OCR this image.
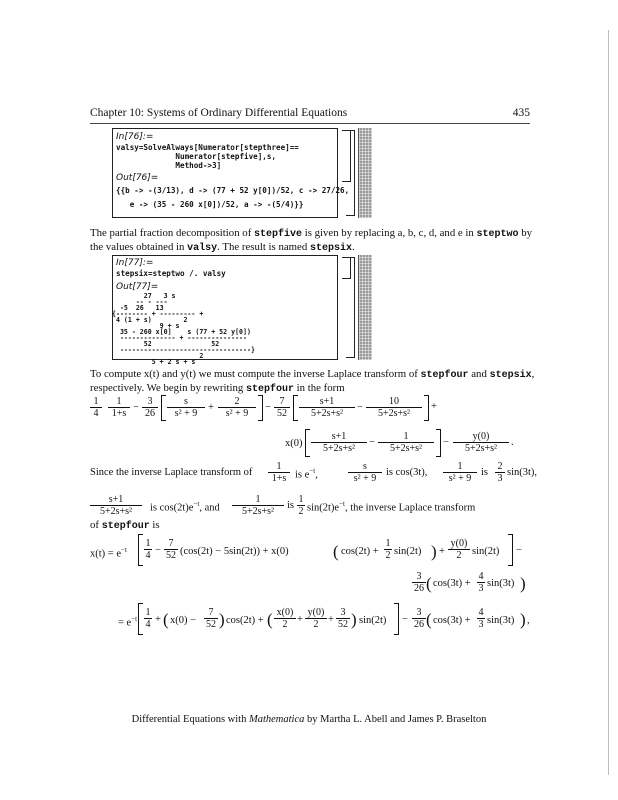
Chapter 10: Systems of Ordinary Differential Equations	435
In[76]:=
valsy=SolveAlways[Numerator[stepthree]==
Numerator[stepfive],s,
Method->3]
Out[76]=
{{b -> -(3/13), d -> (77 + 52 y[0])/52, c -> 27/26,
e -> (35 - 260 x[0])/52, a -> -(5/4)}}
The partial fraction decomposition of stepfive is given by replacing a, b, c, d, and e in steptwo by
the values obtained in valsy. The result is named stepsix.
In[77]:=
stepsix=steptwo /. valsy
Out[77]=
27   3 s
-- - ---
-5  26   13
{-------- + --------- +
4 (1 + s)        2
9 + s
35 - 260 x[0]    s (77 + 52 y[0])
-------------- + ---------------
52               52
---------------------------------}
2
5 + 2 s + s
To compute x(t) and y(t) we must compute the inverse Laplace transform of stepfour and stepsix,
respectively. We begin by rewriting stepfour in the form
1
4
1
1+s
−
3
26
s
s² + 9
+
2
s² + 9
−
7
52
s+1
5+2s+s²
−
10
5+2s+s²
+
x(0)
s+1
5+2s+s²
−
1
5+2s+s²
−
y(0)
5+2s+s²
.
Since the inverse Laplace transform of
1
1+s is $e^{-t}$,
s
s² + 9
is cos(3t),
1
s² + 9
is
2
3
sin(3t),
s+1
5+2s+s²	is $\cos(2t)e^{-t}$, and
1
5+2s+s²
is
1
2 $\sin(2t)e^{-t}$, the inverse Laplace transform
of stepfour is
$x(t) = e^{-t}$
1
4 −
7
52 (cos(2t) − 5sin(2t)) + x(0)	( cos(2t) +
1
2 sin(2t) ) +
y(0)
2	sin(2t) −
3
26 ( cos(3t) +
4
3 sin(3t) )
= $e^{-t}$
1
4 + ( x(0) −
7
52 ) cos(2t) + ( x(0)
2 +
y(0)
2 +
3
52 ) sin(2t) −
3
26 ( cos(3t) +
4
3 sin(3t) ) ,
Differential Equations with Mathematica by Martha L. Abell and James P. Braselton
